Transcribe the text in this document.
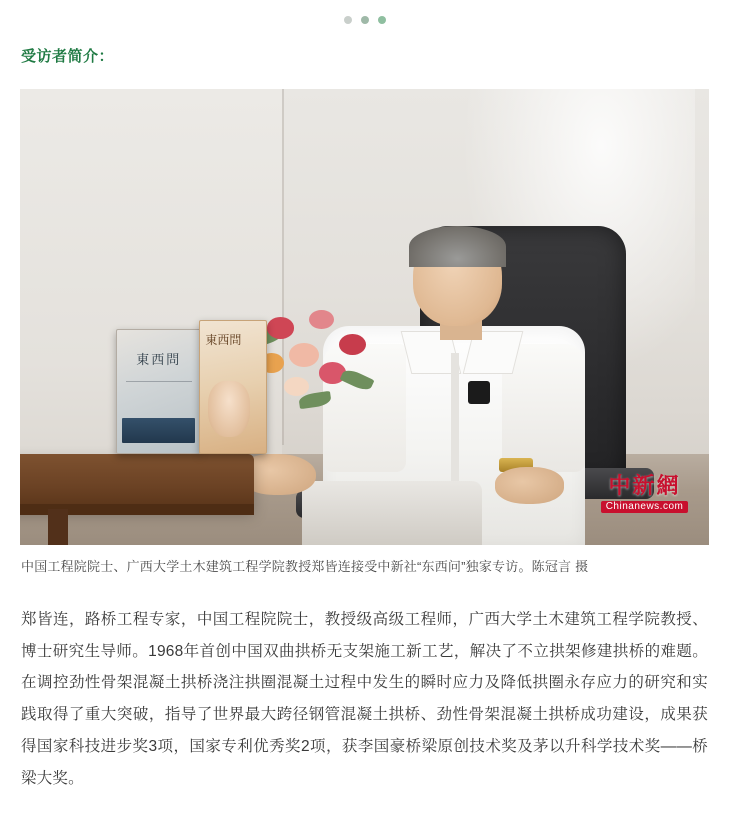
受访者简介：
東西問
東西問
中新網
Chinanews.com
中国工程院院士、广西大学土木建筑工程学院教授郑皆连接受中新社“东西问”独家专访。陈冠言 摄

郑皆连，路桥工程专家，中国工程院院士，教授级高级工程师，广西大学土木建筑工程学院教授、博士研究生导师。1968年首创中国双曲拱桥无支架施工新工艺，解决了不立拱架修建拱桥的难题。在调控劲性骨架混凝土拱桥浇注拱圈混凝土过程中发生的瞬时应力及降低拱圈永存应力的研究和实践取得了重大突破，指导了世界最大跨径钢管混凝土拱桥、劲性骨架混凝土拱桥成功建设，成果获得国家科技进步奖3项，国家专利优秀奖2项，获李国豪桥梁原创技术奖及茅以升科学技术奖——桥梁大奖。
